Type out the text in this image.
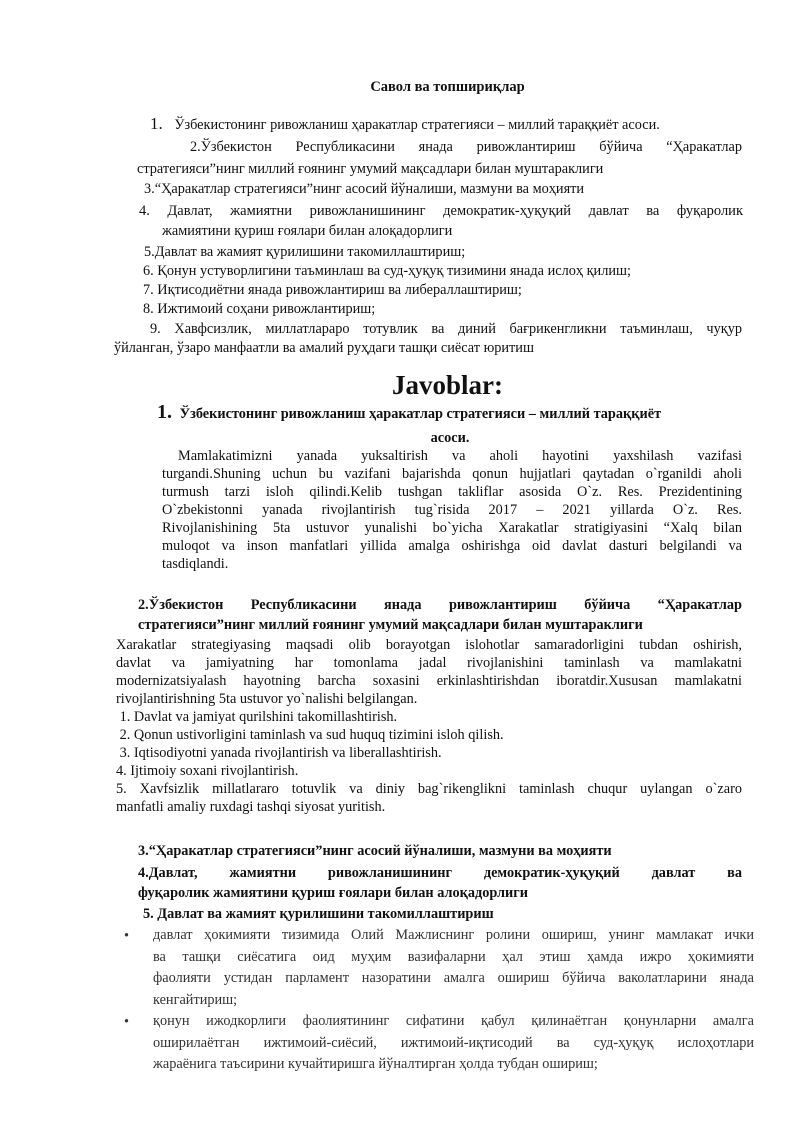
Савол ва топшириқлар
1. Ўзбекистонинг ривожланиш ҳаракатлар стратегияси – миллий тараққиёт асоси.
2.Ўзбекистон Республикасини янада ривожлантириш бўйича “Ҳаракатлар
стратегияси”нинг миллий ғоянинг умумий мақсадлари билан муштараклиги
3.“Ҳаракатлар стратегияси”нинг асосий йўналиши, мазмуни ва моҳияти
4. Давлат, жамиятни ривожланишининг демократик-ҳуқуқий давлат ва фуқаролик
жамиятини қуриш ғоялари билан алоқадорлиги
5.Давлат ва жамият қурилишини такомиллаштириш;
6. Қонун устуворлигини таъминлаш ва суд-ҳуқуқ тизимини янада ислоҳ қилиш;
7. Иқтисодиётни янада ривожлантириш ва либераллаштириш;
8. Ижтимоий соҳани ривожлантириш;
9. Хавфсизлик, миллатлараро тотувлик ва диний бағрикенгликни таъминлаш, чуқур
ўйланган, ўзаро манфаатли ва амалий руҳдаги ташқи сиёсат юритиш
Javoblar:
1. Ўзбекистонинг ривожланиш ҳаракатлар стратегияси – миллий тараққиёт
асоси.
Mamlakatimizni yanada yuksaltirish va aholi hayotini yaxshilash vazifasi
turgandi.Shuning uchun bu vazifani bajarishda qonun hujjatlari qaytadan o`rganildi aholi
turmush tarzi isloh qilindi.Kelib tushgan takliflar asosida O`z. Res. Prezidentining
O`zbekistonni yanada rivojlantirish tug`risida 2017 – 2021 yillarda O`z. Res.
Rivojlanishining 5ta ustuvor yunalishi bo`yicha Xarakatlar stratigiyasini “Xalq bilan
muloqot va inson manfatlari yillida amalga oshirishga oid davlat dasturi belgilandi va
tasdiqlandi.
2.Ўзбекистон Республикасини янада ривожлантириш бўйича “Ҳаракатлар
стратегияси”нинг миллий ғоянинг умумий мақсадлари билан муштараклиги
Xarakatlar strategiyasing maqsadi olib borayotgan islohotlar samaradorligini tubdan oshirish,
davlat va jamiyatning har tomonlama jadal rivojlanishini taminlash va mamlakatni
modernizatsiyalash hayotning barcha soxasini erkinlashtirishdan iboratdir.Xususan mamlakatni
rivojlantirishning 5ta ustuvor yo`nalishi belgilangan.
1. Davlat va jamiyat qurilshini takomillashtirish.
2. Qonun ustivorligini taminlash va sud huquq tizimini isloh qilish.
3. Iqtisodiyotni yanada rivojlantirish va liberallashtirish.
4. Ijtimoiy soxani rivojlantirish.
5. Xavfsizlik millatlararo totuvlik va diniy bag`rikenglikni taminlash chuqur uylangan o`zaro
manfatli amaliy ruxdagi tashqi siyosat yuritish.
3.“Ҳаракатлар стратегияси”нинг асосий йўналиши, мазмуни ва моҳияти
4.Давлат, жамиятни ривожланишининг демократик-ҳуқуқий давлат ва
фуқаролик жамиятини қуриш ғоялари билан алоқадорлиги
5. Давлат ва жамият қурилишини такомиллаштириш
• давлат ҳокимияти тизимида Олий Мажлиснинг ролини ошириш, унинг мамлакат ички
ва ташқи сиёсатига оид муҳим вазифаларни ҳал этиш ҳамда ижро ҳокимияти
фаолияти устидан парламент назоратини амалга ошириш бўйича ваколатларини янада
кенгайтириш;
• қонун ижодкорлиги фаолиятининг сифатини қабул қилинаётган қонунларни амалга
оширилаётган ижтимоий-сиёсий, ижтимоий-иқтисодий ва суд-ҳуқуқ ислоҳотлари
жараёнига таъсирини кучайтиришга йўналтирган ҳолда тубдан ошириш;
